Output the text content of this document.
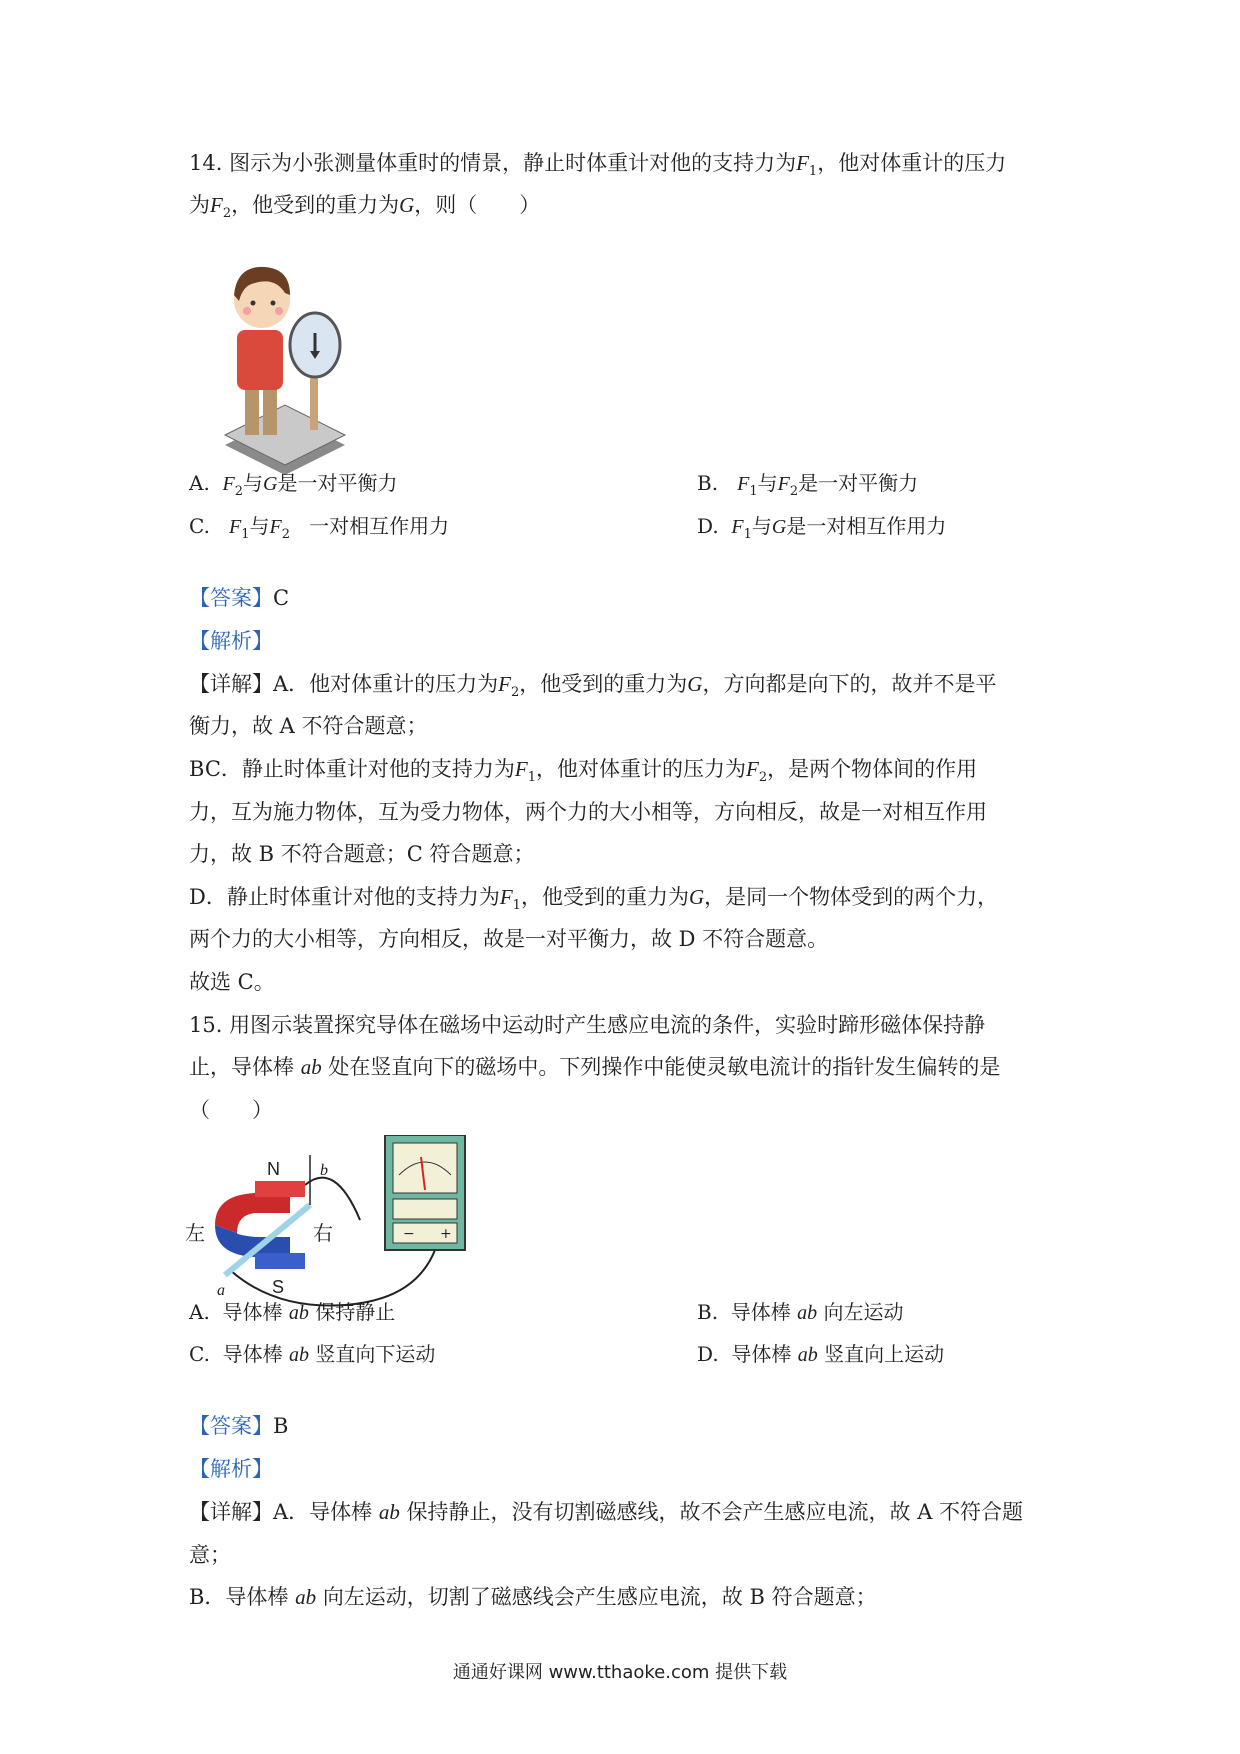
14. 图示为小张测量体重时的情景，静止时体重计对他的支持力为$F_1$，他对体重计的压力
为$F_2$，他受到的重力为G，则（　　）
A. $F_2$与G是一对平衡力	B. $F_1$与$F_2$是一对平衡力
C. $F_1$与$F_2$ 一对相互作用力	D. $F_1$与G是一对相互作用力
【答案】C
【解析】
【详解】A．他对体重计的压力为$F_2$，他受到的重力为G，方向都是向下的，故并不是平
衡力，故 A 不符合题意；
BC．静止时体重计对他的支持力为$F_1$，他对体重计的压力为$F_2$，是两个物体间的作用
力，互为施力物体，互为受力物体，两个力的大小相等，方向相反，故是一对相互作用
力，故 B 不符合题意；C 符合题意；
D．静止时体重计对他的支持力为$F_1$，他受到的重力为G，是同一个物体受到的两个力，
两个力的大小相等，方向相反，故是一对平衡力，故 D 不符合题意。
故选 C。
15. 用图示装置探究导体在磁场中运动时产生感应电流的条件，实验时蹄形磁体保持静
止，导体棒 ab 处在竖直向下的磁场中。下列操作中能使灵敏电流计的指针发生偏转的是
（　　）
− +
N
S
b
a
左	右
A. 导体棒 ab 保持静止	B. 导体棒 ab 向左运动
C. 导体棒 ab 竖直向下运动	D. 导体棒 ab 竖直向上运动
【答案】B
【解析】
【详解】A．导体棒 ab 保持静止，没有切割磁感线，故不会产生感应电流，故 A 不符合题
意；
B．导体棒 ab 向左运动，切割了磁感线会产生感应电流，故 B 符合题意；
通通好课网 www.tthaoke.com 提供下载
